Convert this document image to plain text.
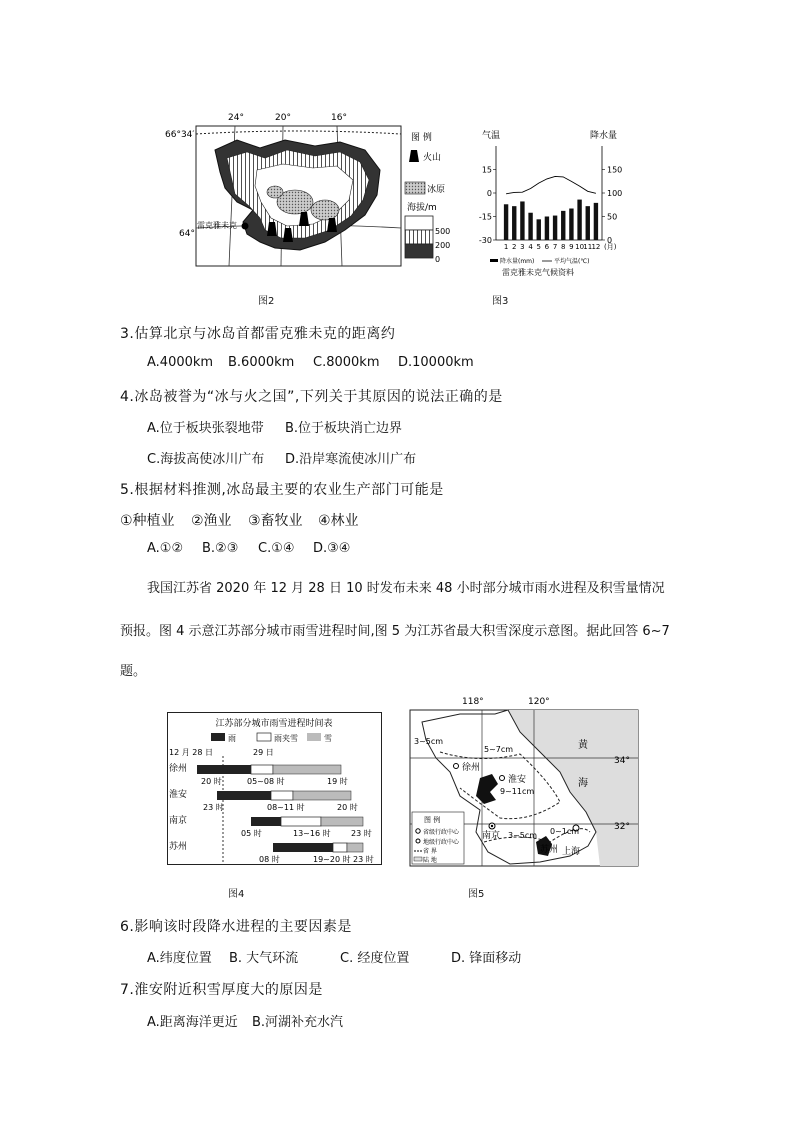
雷克雅未克
24°	20°	16°
66°34′
64°
图 例
火山
冰原
海拔/m
500
200
0
图2
气温	降水量
15
0
-15
-30
150
100
50
0
1 2 3 4 5 6 7 8 9 10 11 12 (月)
降水量(mm)	平均气温(℃)
雷克雅未克气候资料
图3
3.估算北京与冰岛首都雷克雅未克的距离约
A.4000km B.6000km C.8000km D.10000km
4.冰岛被誉为“冰与火之国”,下列关于其原因的说法正确的是
A.位于板块张裂地带 B.位于板块消亡边界
C.海拔高使冰川广布 D.沿岸寒流使冰川广布
5.根据材料推测,冰岛最主要的农业生产部门可能是
①种植业 ②渔业 ③畜牧业 ④林业
A.①② B.②③ C.①④ D.③④
我国江苏省 2020 年 12 月 28 日 10 时发布未来 48 小时部分城市雨水进程及积雪量情况
预报。图 4 示意江苏部分城市雨雪进程时间,图 5 为江苏省最大积雪深度示意图。据此回答 6~7
题。
江苏部分城市雨雪进程时间表
雨	雨夹雪	雪
12 月 28 日	29 日
徐州
20 时	05~08 时	19 时
淮安
23 时	08~11 时	20 时
南京
05 时	13~16 时	23 时
苏州
08 时	19~20 时 23 时
图4
徐州
淮安
南京
苏州 上海
3~5cm
5~7cm
9~11cm
3~5cm 0~1cm
黄
海
118°	120°
34°
32°
图 例
省级行政中心
地级行政中心
省 界
陆 地
图5
6.影响该时段降水进程的主要因素是
A.纬度位置 B. 大气环流	C. 经度位置	D. 锋面移动
7.淮安附近积雪厚度大的原因是
A.距离海洋更近 B.河湖补充水汽
